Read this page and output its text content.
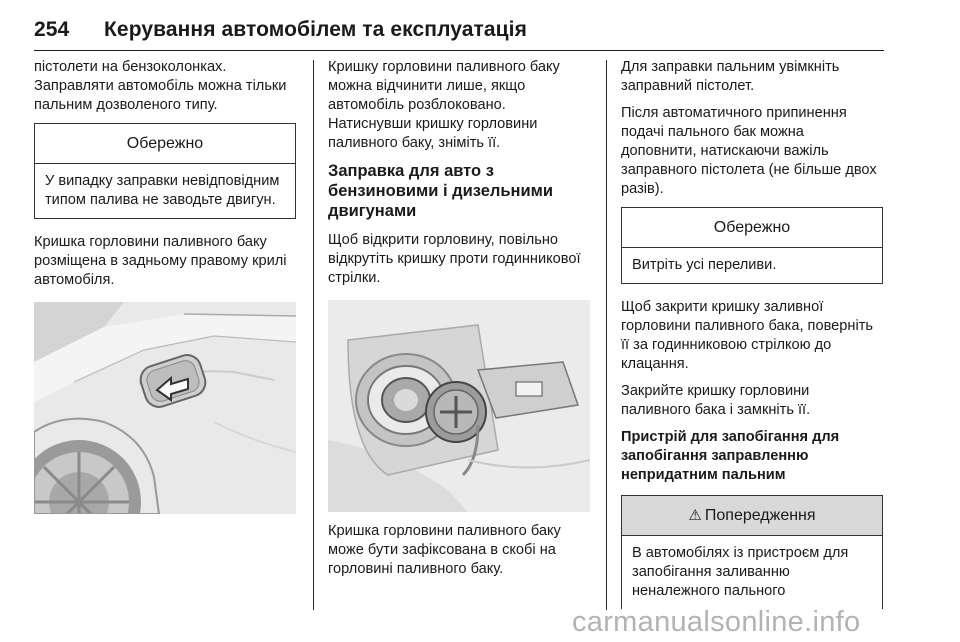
254 Керування автомобілем та експлуатація

пістолети на бензоколонках. Заправляти автомобіль можна тільки пальним дозволеного типу.

Обережно
У випадку заправки невідповідним типом палива не заводьте двигун.

Кришка горловини паливного баку розміщена в задньому правому крилі автомобіля.

Кришку горловини паливного баку можна відчинити лише, якщо автомобіль розблоковано. Натиснувши кришку горловини паливного баку, зніміть її.

Заправка для авто з бензиновими і дизельними двигунами

Щоб відкрити горловину, повільно відкрутіть кришку проти годинникової стрілки.

Кришка горловини паливного баку може бути зафіксована в скобі на горловині паливного баку.

Для заправки пальним увімкніть заправний пістолет.

Після автоматичного припинення подачі пального бак можна доповнити, натискаючи важіль заправного пістолета (не більше двох разів).

Обережно
Витріть усі переливи.

Щоб закрити кришку заливної горловини паливного бака, поверніть її за годинниковою стрілкою до клацання.

Закрийте кришку горловини паливного бака і замкніть її.

Пристрій для запобігання для запобігання заправленню непридатним пальним
⚠ Попередження
В автомобілях із пристроєм для запобігання заливанню неналежного пального
carmanualsonline.info
